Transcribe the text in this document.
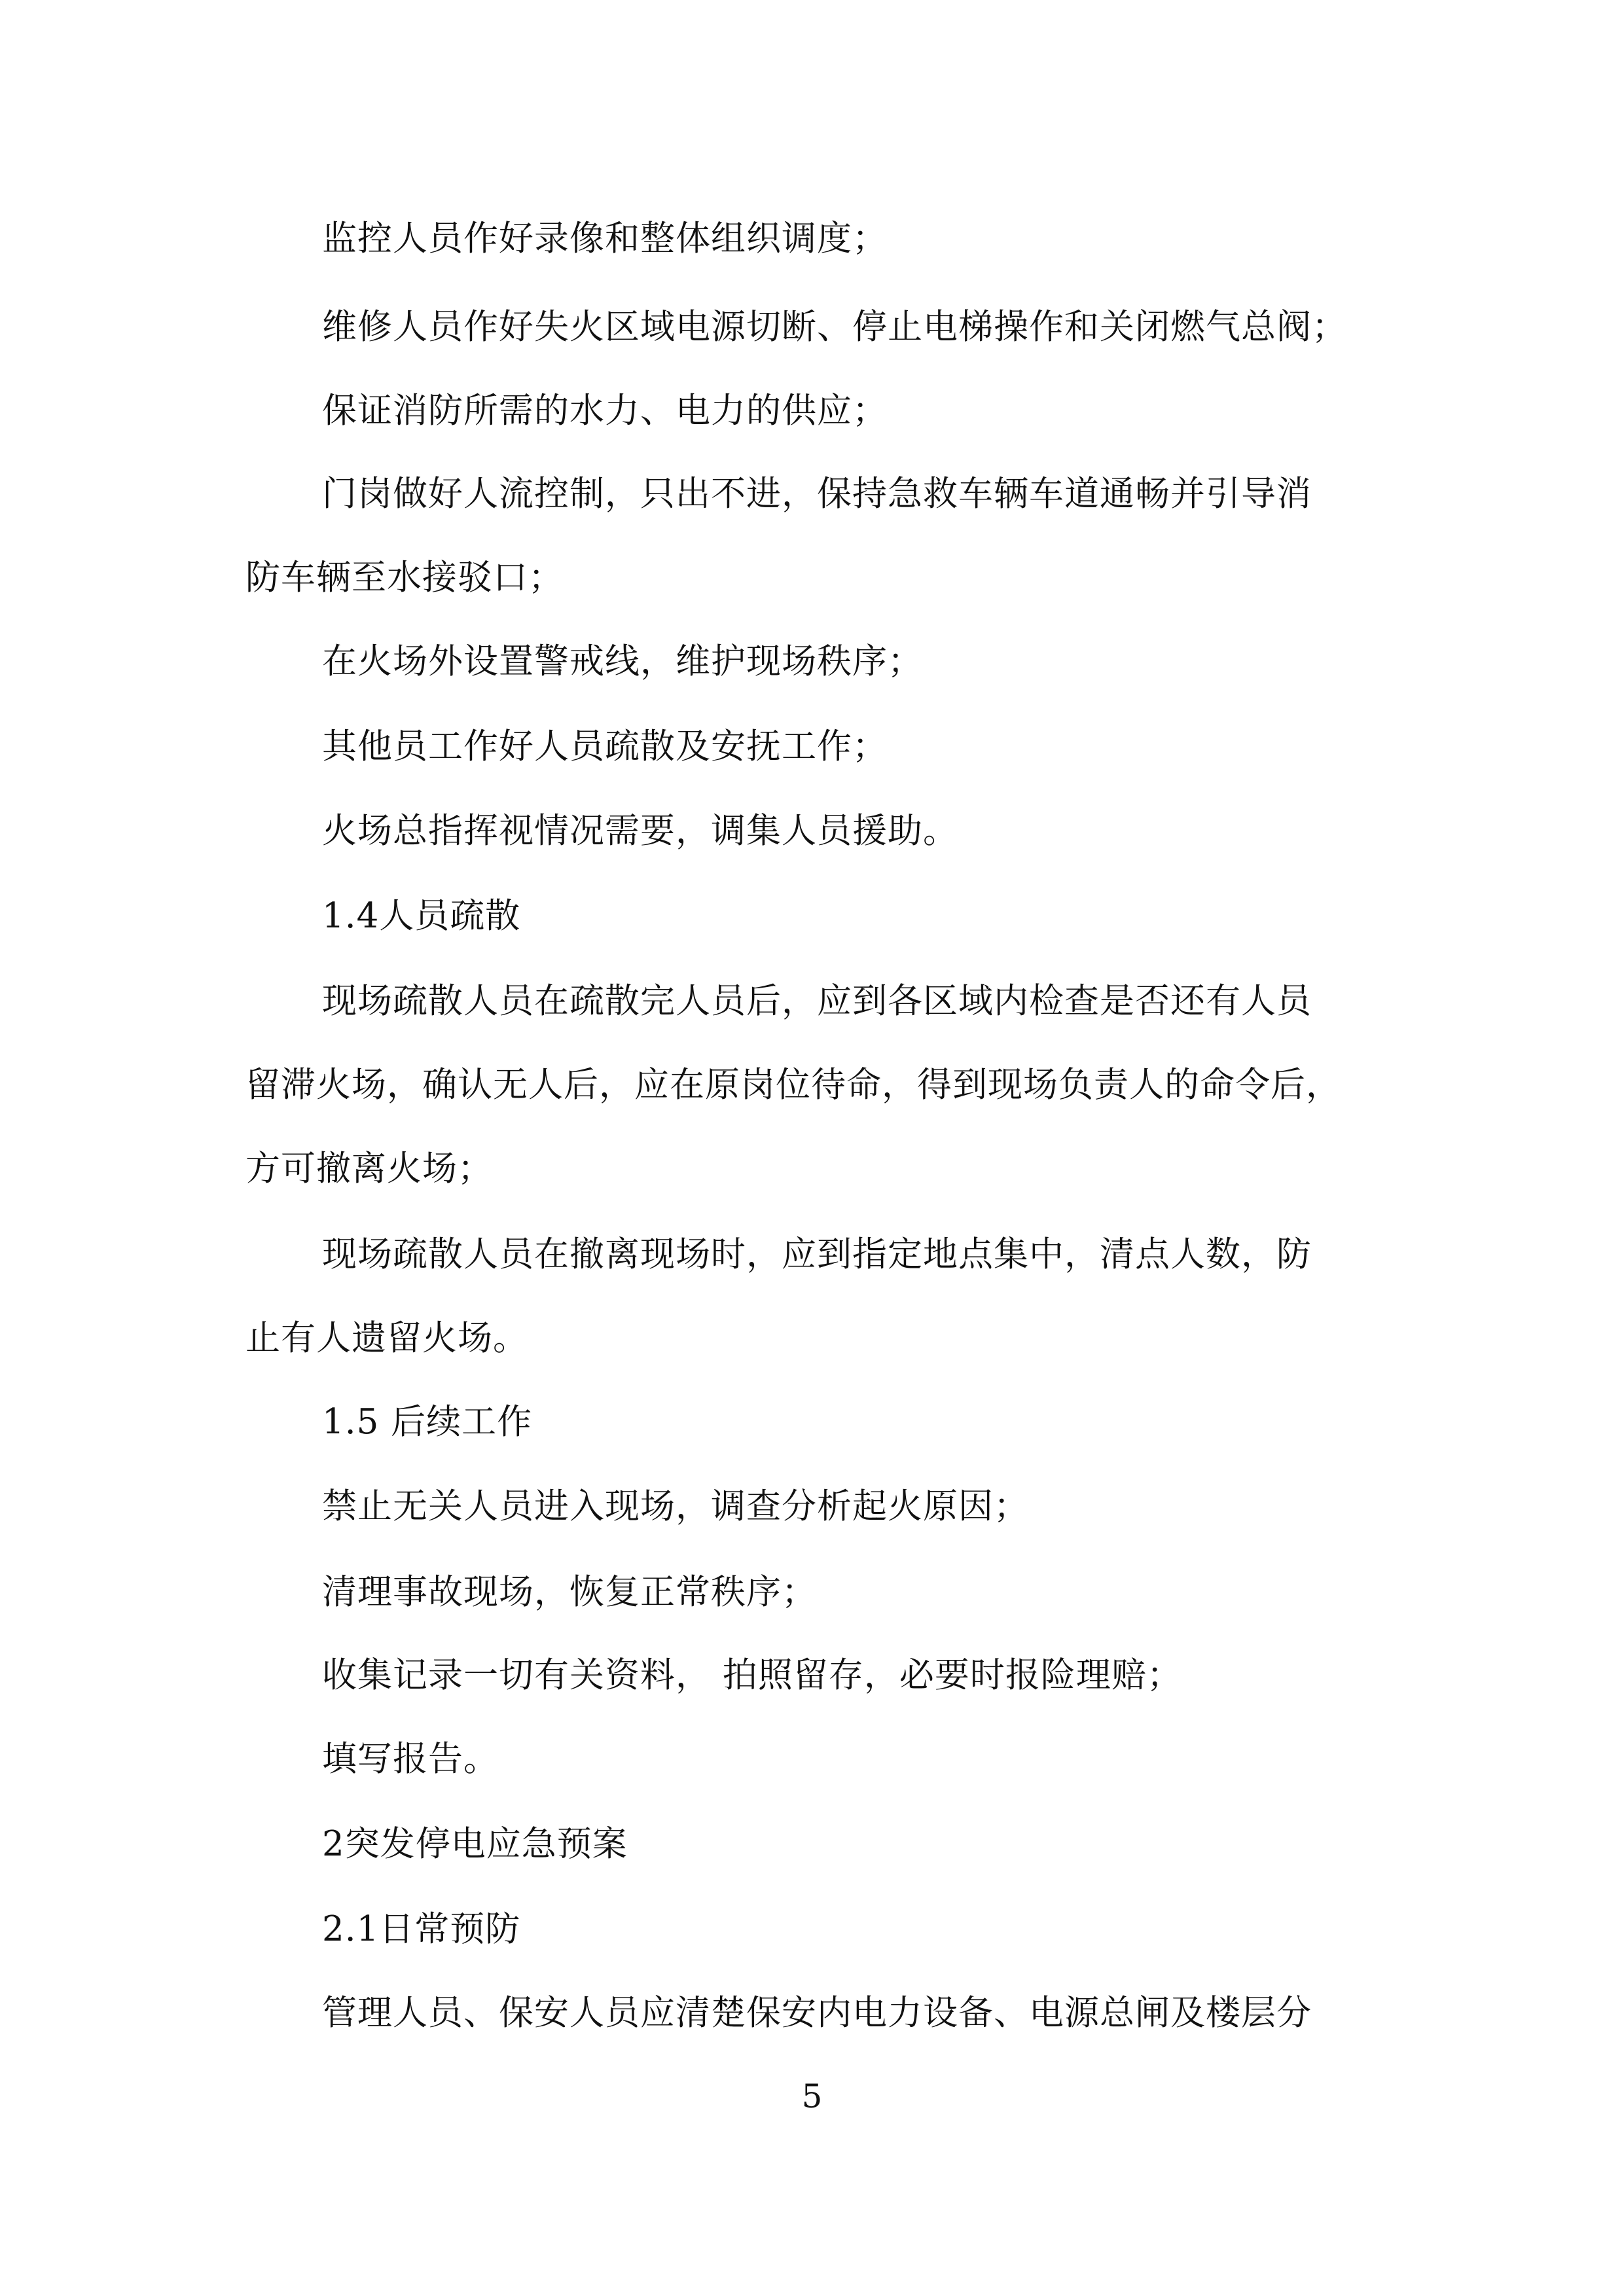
监控人员作好录像和整体组织调度；

维修人员作好失火区域电源切断、停止电梯操作和关闭燃气总阀；

保证消防所需的水力、电力的供应；

门岗做好人流控制，只出不进，保持急救车辆车道通畅并引导消

防车辆至水接驳口；

在火场外设置警戒线，维护现场秩序；

其他员工作好人员疏散及安抚工作；

火场总指挥视情况需要，调集人员援助。

1.4人员疏散

现场疏散人员在疏散完人员后，应到各区域内检查是否还有人员

留滞火场，确认无人后，应在原岗位待命，得到现场负责人的命令后，

方可撤离火场；

现场疏散人员在撤离现场时，应到指定地点集中，清点人数，防

止有人遗留火场。

1.5 后续工作

禁止无关人员进入现场，调查分析起火原因；

清理事故现场，恢复正常秩序；

收集记录一切有关资料， 拍照留存，必要时报险理赔；

填写报告。

2突发停电应急预案

2.1日常预防

管理人员、保安人员应清楚保安内电力设备、电源总闸及楼层分

5
